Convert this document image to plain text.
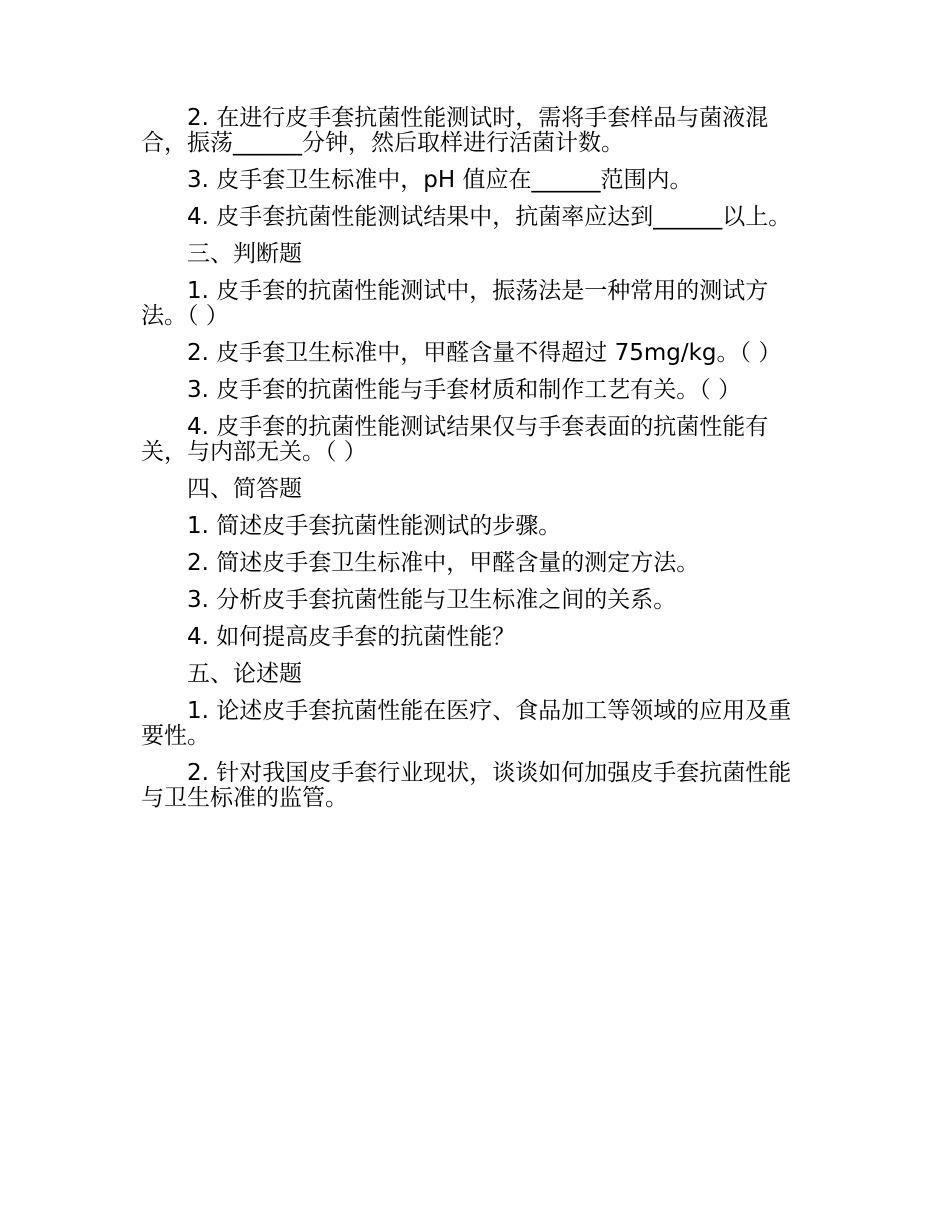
2. 在进行皮手套抗菌性能测试时，需将手套样品与菌液混合，振荡______分钟，然后取样进行活菌计数。

3. 皮手套卫生标准中，pH 值应在______范围内。

4. 皮手套抗菌性能测试结果中，抗菌率应达到______以上。

三、判断题

1. 皮手套的抗菌性能测试中，振荡法是一种常用的测试方法。（ ）

2. 皮手套卫生标准中，甲醛含量不得超过 75mg/kg。（ ）

3. 皮手套的抗菌性能与手套材质和制作工艺有关。（ ）

4. 皮手套的抗菌性能测试结果仅与手套表面的抗菌性能有关，与内部无关。（ ）

四、简答题

1. 简述皮手套抗菌性能测试的步骤。

2. 简述皮手套卫生标准中，甲醛含量的测定方法。

3. 分析皮手套抗菌性能与卫生标准之间的关系。

4. 如何提高皮手套的抗菌性能？

五、论述题

1. 论述皮手套抗菌性能在医疗、食品加工等领域的应用及重要性。

2. 针对我国皮手套行业现状，谈谈如何加强皮手套抗菌性能与卫生标准的监管。
